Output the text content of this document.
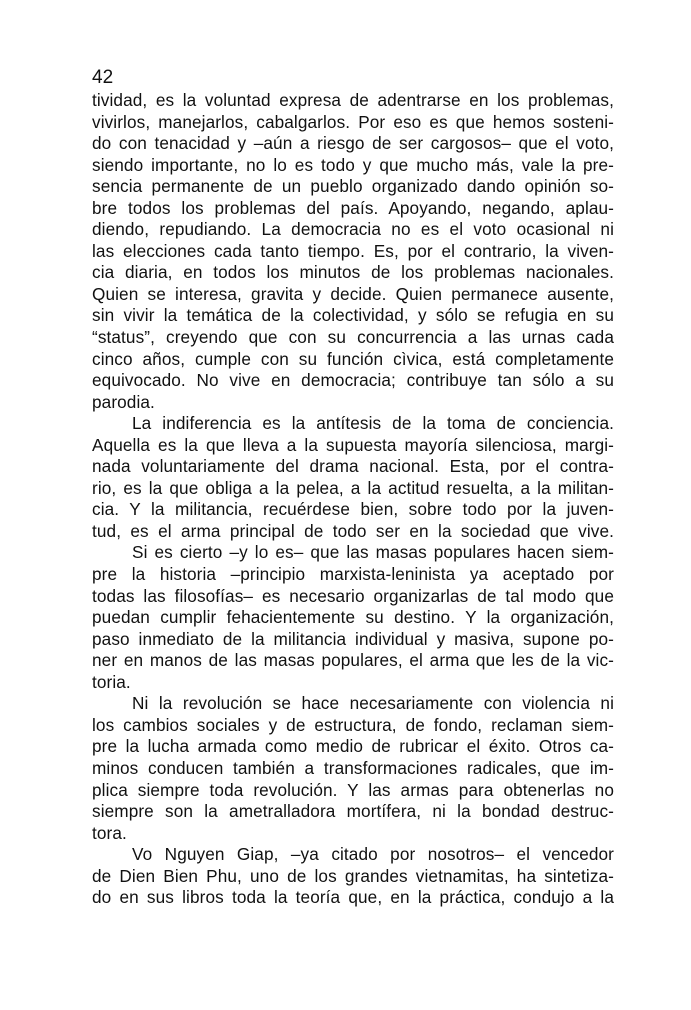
42
tividad, es la voluntad expresa de adentrarse en los problemas,
vivirlos, manejarlos, cabalgarlos. Por eso es que hemos sosteni-
do con tenacidad y –aún a riesgo de ser cargosos– que el voto,
siendo importante, no lo es todo y que mucho más, vale la pre-
sencia permanente de un pueblo organizado dando opinión so-
bre todos los problemas del país. Apoyando, negando, aplau-
diendo, repudiando. La democracia no es el voto ocasional ni
las elecciones cada tanto tiempo. Es, por el contrario, la viven-
cia diaria, en todos los minutos de los problemas nacionales.
Quien se interesa, gravita y decide. Quien permanece ausente,
sin vivir la temática de la colectividad, y sólo se refugia en su
“status”, creyendo que con su concurrencia a las urnas cada
cinco años, cumple con su función cìvica, está completamente
equivocado. No vive en democracia; contribuye tan sólo a su
parodia.
La indiferencia es la antítesis de la toma de conciencia.
Aquella es la que lleva a la supuesta mayoría silenciosa, margi-
nada voluntariamente del drama nacional. Esta, por el contra-
rio, es la que obliga a la pelea, a la actitud resuelta, a la militan-
cia. Y la militancia, recuérdese bien, sobre todo por la juven-
tud, es el arma principal de todo ser en la sociedad que vive.
Si es cierto –y lo es– que las masas populares hacen siem-
pre la historia –principio marxista-leninista ya aceptado por
todas las filosofías– es necesario organizarlas de tal modo que
puedan cumplir fehacientemente su destino. Y la organización,
paso inmediato de la militancia individual y masiva, supone po-
ner en manos de las masas populares, el arma que les de la vic-
toria.
Ni la revolución se hace necesariamente con violencia ni
los cambios sociales y de estructura, de fondo, reclaman siem-
pre la lucha armada como medio de rubricar el éxito. Otros ca-
minos conducen también a transformaciones radicales, que im-
plica siempre toda revolución. Y las armas para obtenerlas no
siempre son la ametralladora mortífera, ni la bondad destruc-
tora.
Vo Nguyen Giap, –ya citado por nosotros– el vencedor
de Dien Bien Phu, uno de los grandes vietnamitas, ha sintetiza-
do en sus libros toda la teoría que, en la práctica, condujo a la
